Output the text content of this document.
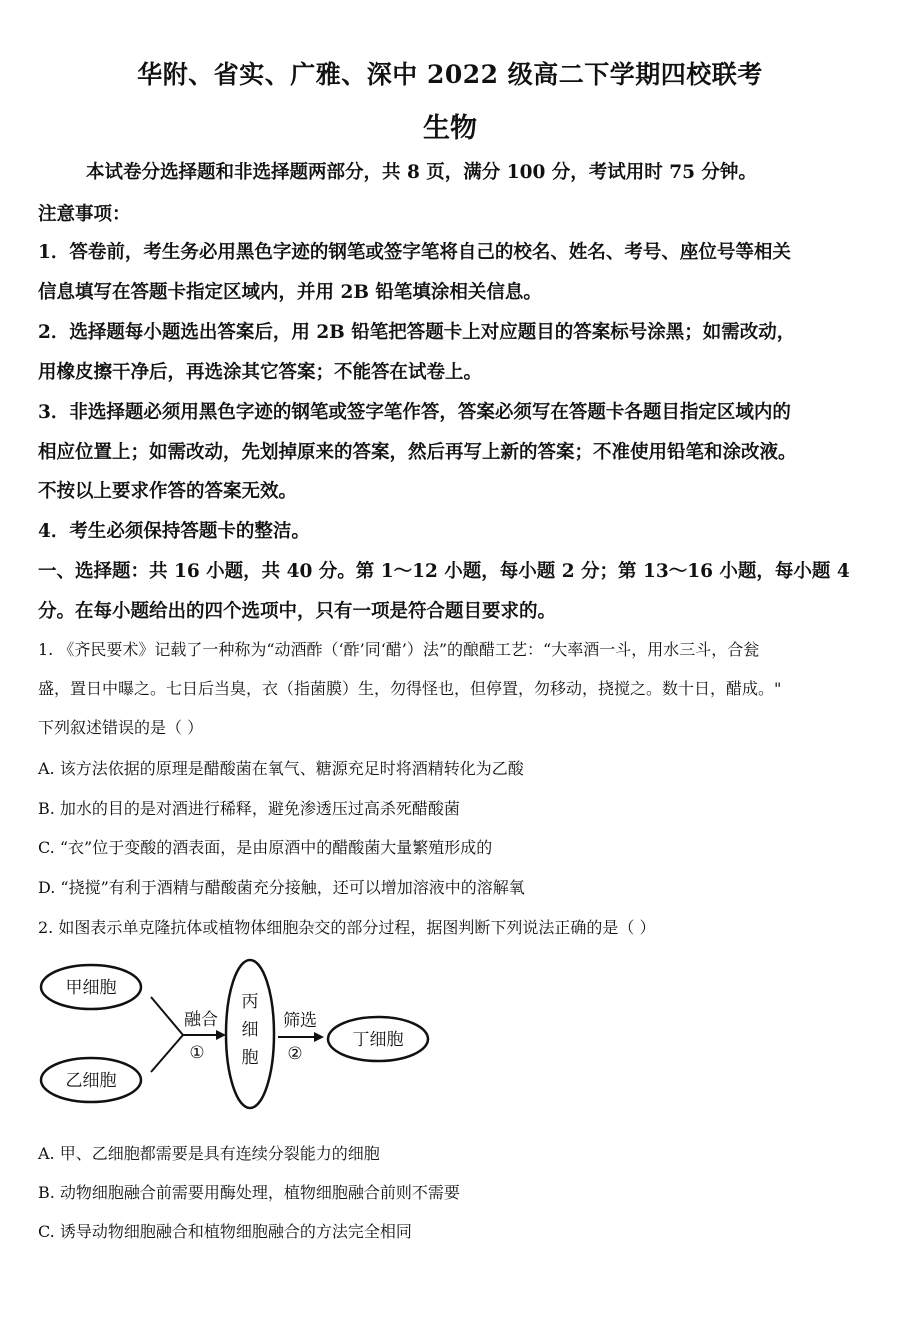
华附、省实、广雅、深中 2022 级高二下学期四校联考
生物
本试卷分选择题和非选择题两部分，共 8 页，满分 100 分，考试用时 75 分钟。
注意事项：
1．答卷前，考生务必用黑色字迹的钢笔或签字笔将自己的校名、姓名、考号、座位号等相关
信息填写在答题卡指定区域内，并用 2B 铅笔填涂相关信息。
2．选择题每小题选出答案后，用 2B 铅笔把答题卡上对应题目的答案标号涂黑；如需改动，
用橡皮擦干净后，再选涂其它答案；不能答在试卷上。
3．非选择题必须用黑色字迹的钢笔或签字笔作答，答案必须写在答题卡各题目指定区域内的
相应位置上；如需改动，先划掉原来的答案，然后再写上新的答案；不准使用铅笔和涂改液。
不按以上要求作答的答案无效。
4．考生必须保持答题卡的整洁。
一、选择题：共 16 小题，共 40 分。第 1～12 小题，每小题 2 分；第 13～16 小题，每小题 4
分。在每小题给出的四个选项中，只有一项是符合题目要求的。
1. 《齐民要术》记载了一种称为“动酒酢（‘酢’同‘醋’）法”的酿醋工艺：“大率酒一斗，用水三斗，合瓮
盛，置日中曝之。七日后当臭，衣（指菌膜）生，勿得怪也，但停置，勿移动，挠搅之。数十日，醋成。"
下列叙述错误的是（ ）
A. 该方法依据的原理是醋酸菌在氧气、糖源充足时将酒精转化为乙酸
B. 加水的目的是对酒进行稀释，避免渗透压过高杀死醋酸菌
C. “衣”位于变酸的酒表面，是由原酒中的醋酸菌大量繁殖形成的
D. “挠搅”有利于酒精与醋酸菌充分接触，还可以增加溶液中的溶解氧
2. 如图表示单克隆抗体或植物体细胞杂交的部分过程，据图判断下列说法正确的是（ ）
甲细胞
乙细胞
融合
①
丙
细
胞
筛选
②
丁细胞
A. 甲、乙细胞都需要是具有连续分裂能力的细胞
B. 动物细胞融合前需要用酶处理，植物细胞融合前则不需要
C. 诱导动物细胞融合和植物细胞融合的方法完全相同
